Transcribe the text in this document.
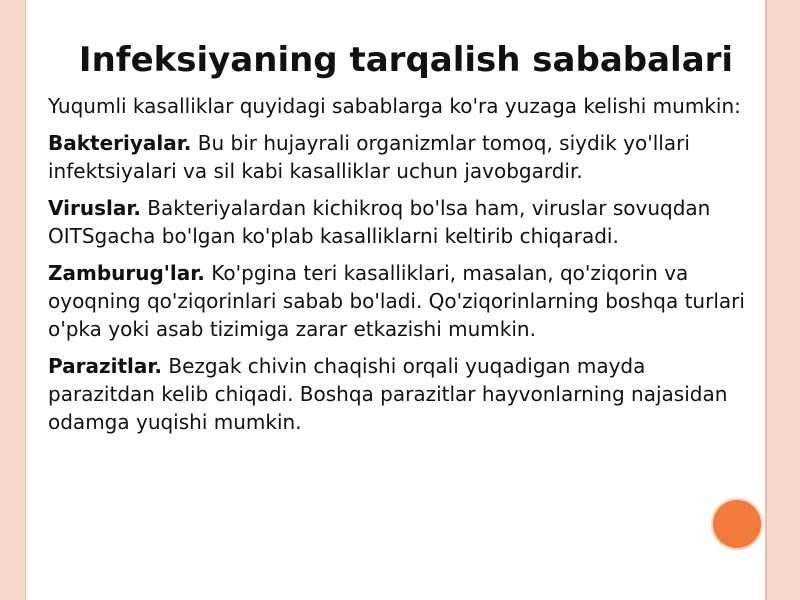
Infeksiyaning tarqalish sababalari

Yuqumli kasalliklar quyidagi sabablarga ko'ra yuzaga kelishi mumkin:

Bakteriyalar. Bu bir hujayrali organizmlar tomoq, siydik yo'llari infektsiyalari va sil kabi kasalliklar uchun javobgardir.

Viruslar. Bakteriyalardan kichikroq bo'lsa ham, viruslar sovuqdan OITSgacha bo'lgan ko'plab kasalliklarni keltirib chiqaradi.

Zamburug'lar. Ko'pgina teri kasalliklari, masalan, qo'ziqorin va oyoqning qo'ziqorinlari sabab bo'ladi. Qo'ziqorinlarning boshqa turlari o'pka yoki asab tizimiga zarar etkazishi mumkin.

Parazitlar. Bezgak chivin chaqishi orqali yuqadigan mayda parazitdan kelib chiqadi. Boshqa parazitlar hayvonlarning najasidan odamga yuqishi mumkin.
